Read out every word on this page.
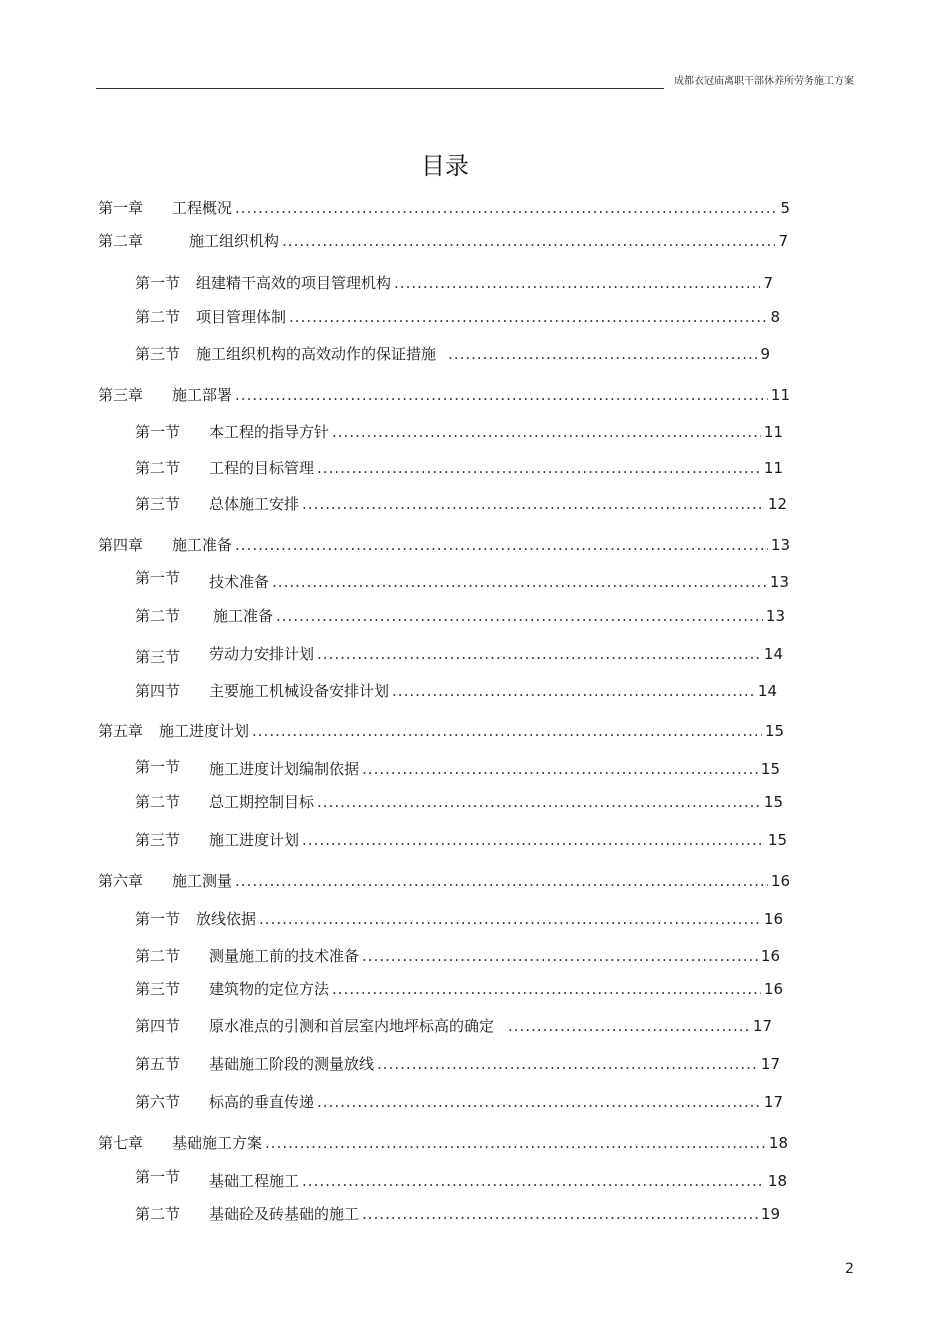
成都衣冠庙离职干部休养所劳务施工方案
目录
第一章 工程概况 .....	5
第二章	施工组织机构 .....	7
第一节 组建精干高效的项目管理机构 .....	7
第二节 项目管理体制 .....	8
第三节 施工组织机构的高效动作的保证措施 .....	9
第三章 施工部署 .....	11
第一节 本工程的指导方针 .....	11
第二节 工程的目标管理 .....	11
第三节 总体施工安排 .....	12
第四章 施工准备 .....	13
第一节 技术准备 .....	13
第二节 施工准备 .....	13
第三节 劳动力安排计划 .....	14
第四节 主要施工机械设备安排计划 .....	14
第五章 施工进度计划 .....	15
第一节 施工进度计划编制依据 .....	15
第二节 总工期控制目标 .....	15
第三节 施工进度计划 .....	15
第六章 施工测量 .....	16
第一节 放线依据 .....	16
第二节 测量施工前的技术准备 .....	16
第三节 建筑物的定位方法 .....	16
第四节 原水准点的引测和首层室内地坪标高的确定 .....	17
第五节 基础施工阶段的测量放线 .....	17
第六节 标高的垂直传递 .....	17
第七章 基础施工方案 .....	18
第一节 基础工程施工 .....	18
第二节 基础砼及砖基础的施工 .....	19
2
